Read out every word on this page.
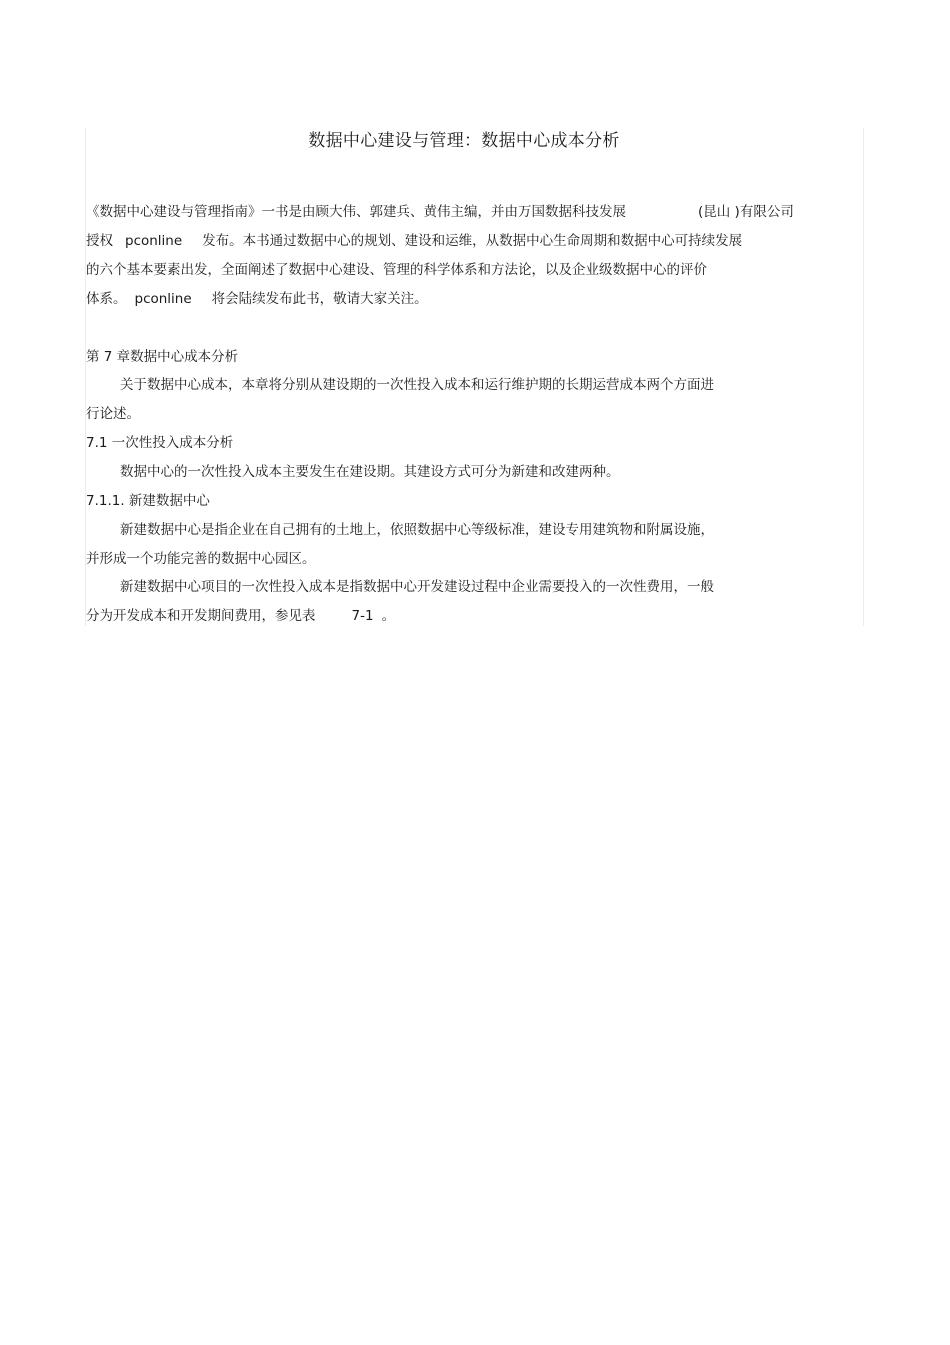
数据中心建设与管理：数据中心成本分析
《数据中心建设与管理指南》一书是由顾大伟、郭建兵、黄伟主编，并由万国数据科技发展	(昆山 )有限公司
授权 pconline 发布。本书通过数据中心的规划、建设和运维，从数据中心生命周期和数据中心可持续发展
的六个基本要素出发，全面阐述了数据中心建设、管理的科学体系和方法论，以及企业级数据中心的评价
体系。 pconline 将会陆续发布此书，敬请大家关注。
第 7 章数据中心成本分析
关于数据中心成本，本章将分别从建设期的一次性投入成本和运行维护期的长期运营成本两个方面进
行论述。
7.1 一次性投入成本分析
数据中心的一次性投入成本主要发生在建设期。其建设方式可分为新建和改建两种。
7.1.1. 新建数据中心
新建数据中心是指企业在自己拥有的土地上，依照数据中心等级标准，建设专用建筑物和附属设施，
并形成一个功能完善的数据中心园区。
新建数据中心项目的一次性投入成本是指数据中心开发建设过程中企业需要投入的一次性费用，一般
分为开发成本和开发期间费用，参见表	7-1 。
